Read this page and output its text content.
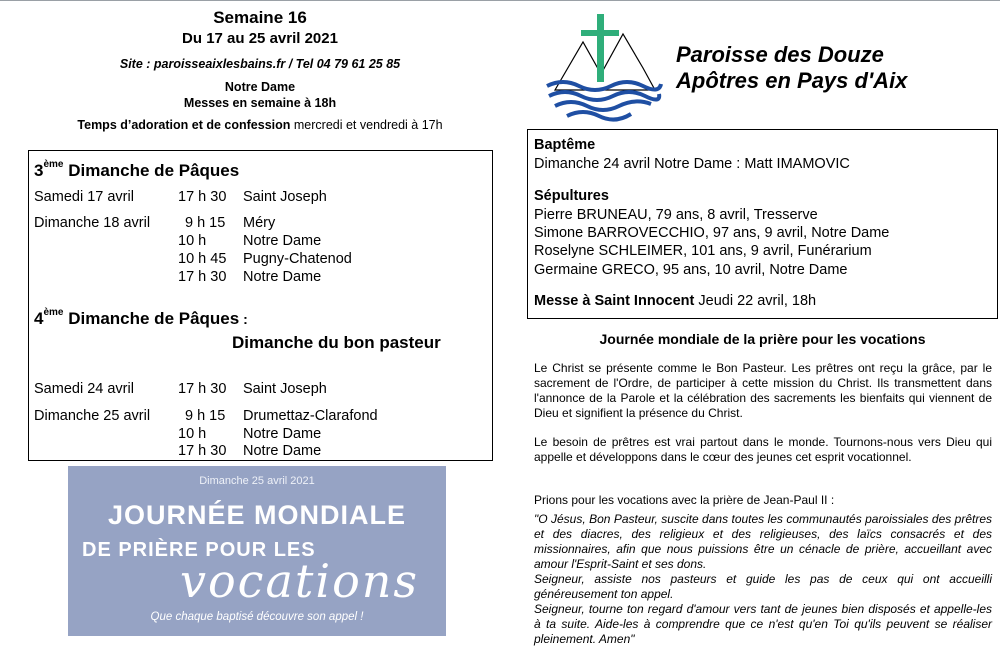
Semaine 16
Du 17 au 25 avril 2021
Site : paroisseaixlesbains.fr / Tel 04 79 61 25 85
Notre Dame
Messes en semaine à 18h
Temps d’adoration et de confession mercredi et vendredi à 17h
3ème Dimanche de Pâques
Samedi 17 avril	17 h 30 Saint Joseph
Dimanche 18 avril 9 h 15 Méry
10 h	Notre Dame
10 h 45 Pugny-Chatenod
17 h 30 Notre Dame
4ème Dimanche de Pâques :
Dimanche du bon pasteur
Samedi 24 avril	17 h 30 Saint Joseph
Dimanche 25 avril 9 h 15 Drumettaz-Clarafond
10 h	Notre Dame
17 h 30 Notre Dame
Dimanche 25 avril 2021
JOURNÉE MONDIALE
DE PRIÈRE POUR LES
vocations
Que chaque baptisé découvre son appel !
Paroisse des Douze
Apôtres en Pays d'Aix
Baptême
Dimanche 24 avril Notre Dame : Matt IMAMOVIC
Sépultures
Pierre BRUNEAU, 79 ans, 8 avril, Tresserve
Simone BARROVECCHIO, 97 ans, 9 avril, Notre Dame
Roselyne SCHLEIMER, 101 ans, 9 avril, Funérarium
Germaine GRECO, 95 ans, 10 avril, Notre Dame
Messe à Saint Innocent Jeudi 22 avril, 18h
Journée mondiale de la prière pour les vocations
Le Christ se présente comme le Bon Pasteur. Les prêtres ont reçu la grâce, par le sacrement de l'Ordre, de participer à cette mission du Christ. Ils transmettent dans l'annonce de la Parole et la célébration des sacrements les bienfaits qui viennent de Dieu et signifient la présence du Christ.
Le besoin de prêtres est vrai partout dans le monde. Tournons-nous vers Dieu qui appelle et développons dans le cœur des jeunes cet esprit vocationnel.
Prions pour les vocations avec la prière de Jean-Paul II :

"O Jésus, Bon Pasteur, suscite dans toutes les communautés paroissiales des prêtres et des diacres, des religieux et des religieuses, des laïcs consacrés et des missionnaires, afin que nous puissions être un cénacle de prière, accueillant avec amour l'Esprit-Saint et ses dons.

Seigneur, assiste nos pasteurs et guide les pas de ceux qui ont accueilli généreusement ton appel.

Seigneur, tourne ton regard d'amour vers tant de jeunes bien disposés et appelle-les à ta suite. Aide-les à comprendre que ce n'est qu'en Toi qu'ils peuvent se réaliser pleinement. Amen"
